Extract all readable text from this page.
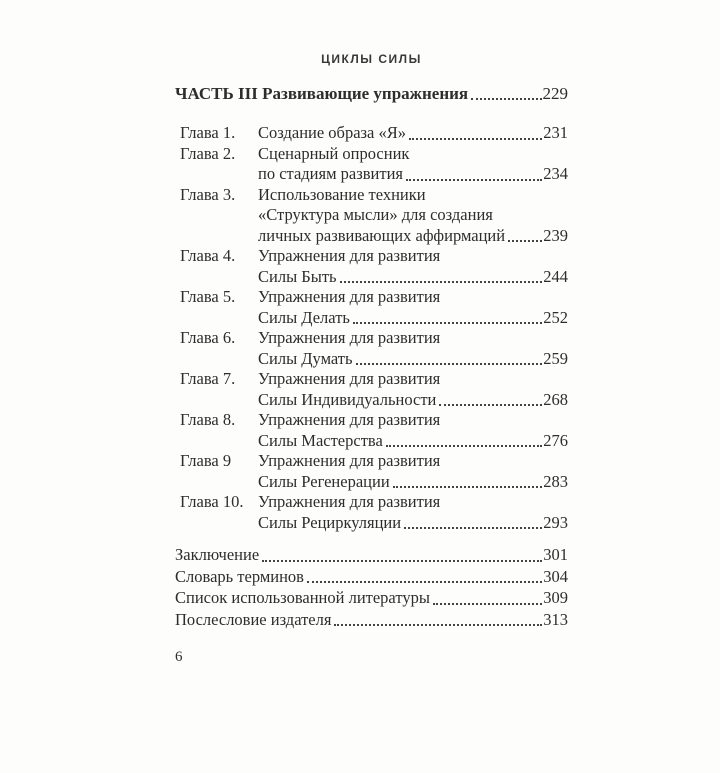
ЦИКЛЫ СИЛЫ
ЧАСТЬ III Развивающие упражнения	229
Глава 1.	Создание образа «Я»	231
Глава 2.	Сценарный опросник
по стадиям развития	234
Глава 3.	Использование техники
«Структура мысли» для создания
личных развивающих аффирмаций 239
Глава 4.	Упражнения для развития
Силы Быть	244
Глава 5.	Упражнения для развития
Силы Делать	252
Глава 6.	Упражнения для развития
Силы Думать	259
Глава 7.	Упражнения для развития
Силы Индивидуальности	268
Глава 8.	Упражнения для развития
Силы Мастерства	276
Глава 9	Упражнения для развития
Силы Регенерации	283
Глава 10. Упражнения для развития
Силы Рециркуляции	293
Заключение	301
Словарь терминов	304
Список использованной литературы	309
Послесловие издателя	313
6
